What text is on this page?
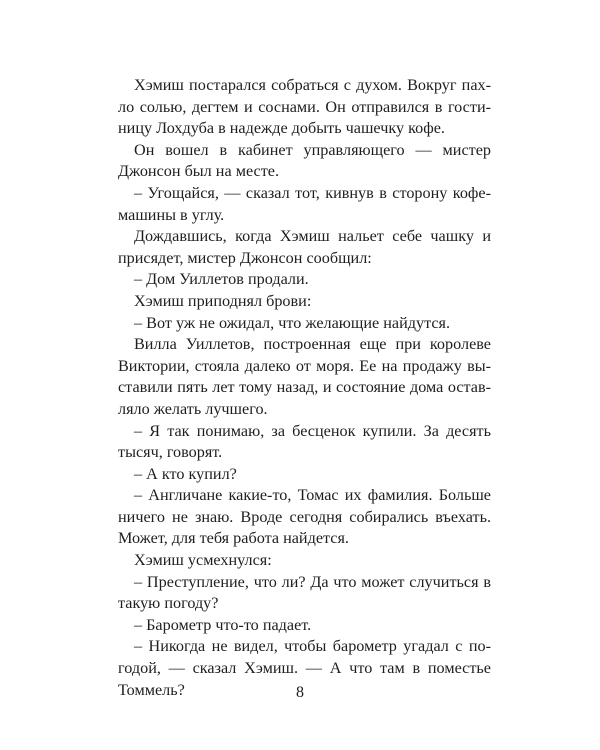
Хэмиш постарался собраться с духом. Вокруг пахло солью, дегтем и соснами. Он отправился в гостиницу Лохдуба в надежде добыть чашечку кофе.

Он вошел в кабинет управляющего — мистер Джонсон был на месте.

– Угощайся, — сказал тот, кивнув в сторону кофемашины в углу.

Дождавшись, когда Хэмиш нальет себе чашку и присядет, мистер Джонсон сообщил:

– Дом Уиллетов продали.

Хэмиш приподнял брови:

– Вот уж не ожидал, что желающие найдутся.

Вилла Уиллетов, построенная еще при королеве Виктории, стояла далеко от моря. Ее на продажу выставили пять лет тому назад, и состояние дома оставляло желать лучшего.

– Я так понимаю, за бесценок купили. За десять тысяч, говорят.

– А кто купил?

– Англичане какие-то, Томас их фамилия. Больше ничего не знаю. Вроде сегодня собирались въехать. Может, для тебя работа найдется.

Хэмиш усмехнулся:

– Преступление, что ли? Да что может случиться в такую погоду?

– Барометр что-то падает.

– Никогда не видел, чтобы барометр угадал с погодой, — сказал Хэмиш. — А что там в поместье Томмель?	8
